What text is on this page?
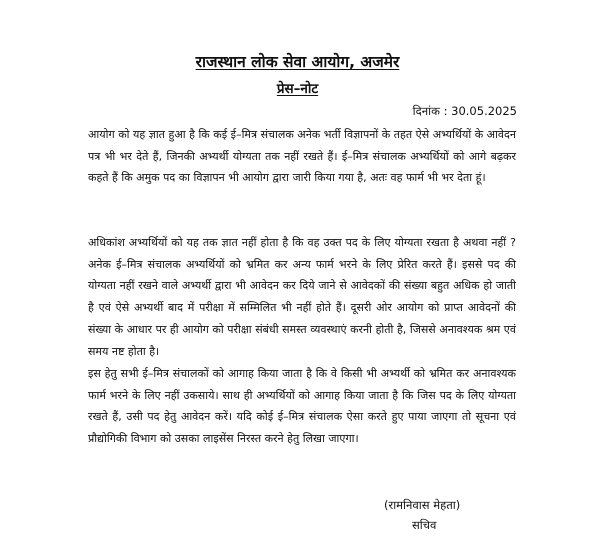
राजस्थान लोक सेवा आयोग, अजमेर
प्रेस–नोट
दिनांक : 30.05.2025

आयोग को यह ज्ञात हुआ है कि कई ई–मित्र संचालक अनेक भर्ती विज्ञापनों के तहत ऐसे अभ्यर्थियों के आवेदन पत्र भी भर देते हैं, जिनकी अभ्यर्थी योग्यता तक नहीं रखते हैं। ई–मित्र संचालक अभ्यर्थियों को आगे बढ़कर कहते हैं कि अमुक पद का विज्ञापन भी आयोग द्वारा जारी किया गया है, अतः वह फार्म भी भर देता हूं।

अधिकांश अभ्यर्थियों को यह तक ज्ञात नहीं होता है कि वह उक्त पद के लिए योग्यता रखता है अथवा नहीं ? अनेक ई–मित्र संचालक अभ्यर्थियों को भ्रमित कर अन्य फार्म भरने के लिए प्रेरित करते हैं। इससे पद की योग्यता नहीं रखने वाले अभ्यर्थी द्वारा भी आवेदन कर दिये जाने से आवेदकों की संख्या बहुत अधिक हो जाती है एवं ऐसे अभ्यर्थी बाद में परीक्षा में सम्मिलित भी नहीं होते हैं। दूसरी ओर आयोग को प्राप्त आवेदनों की संख्या के आधार पर ही आयोग को परीक्षा संबंधी समस्त व्यवस्थाएं करनी होती है, जिससे अनावश्यक श्रम एवं समय नष्ट होता है।

इस हेतु सभी ई–मित्र संचालकों को आगाह किया जाता है कि वे किसी भी अभ्यर्थी को भ्रमित कर अनावश्यक फार्म भरने के लिए नहीं उकसाये। साथ ही अभ्यर्थियों को आगाह किया जाता है कि जिस पद के लिए योग्यता रखते हैं, उसी पद हेतु आवेदन करें। यदि कोई ई–मित्र संचालक ऐसा करते हुए पाया जाएगा तो सूचना एवं प्रौद्योगिकी विभाग को उसका लाइसेंस निरस्त करने हेतु लिखा जाएगा।

(रामनिवास मेहता)
सचिव
